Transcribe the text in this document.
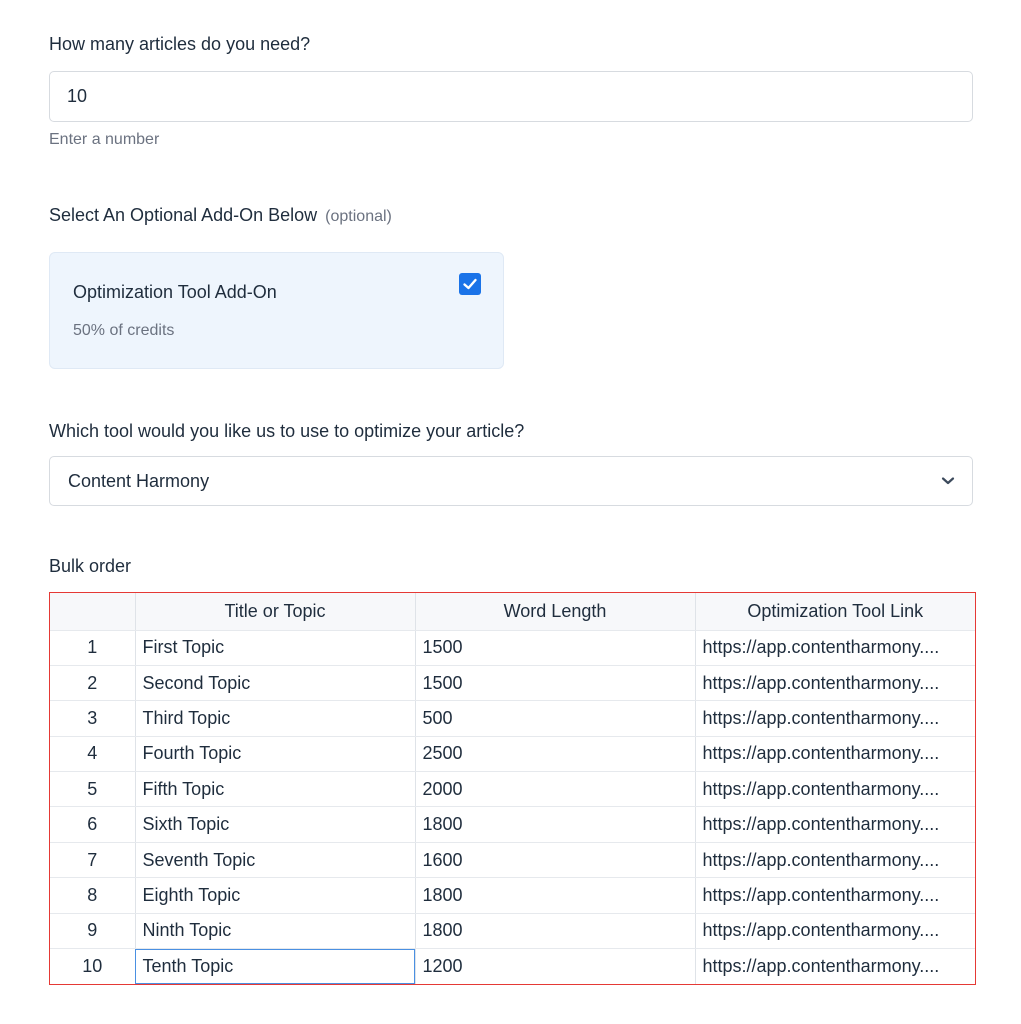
How many articles do you need?
10
Enter a number
Select An Optional Add-On Below (optional)
Optimization Tool Add-On
50% of credits
Which tool would you like us to use to optimize your article?
Content Harmony
Bulk order
	Title or Topic	Word Length	Optimization Tool Link
1	First Topic	1500	https://app.contentharmony....
2	Second Topic	1500	https://app.contentharmony....
3	Third Topic	500	https://app.contentharmony....
4	Fourth Topic	2500	https://app.contentharmony....
5	Fifth Topic	2000	https://app.contentharmony....
6	Sixth Topic	1800	https://app.contentharmony....
7	Seventh Topic	1600	https://app.contentharmony....
8	Eighth Topic	1800	https://app.contentharmony....
9	Ninth Topic	1800	https://app.contentharmony....
10	Tenth Topic	1200	https://app.contentharmony....
